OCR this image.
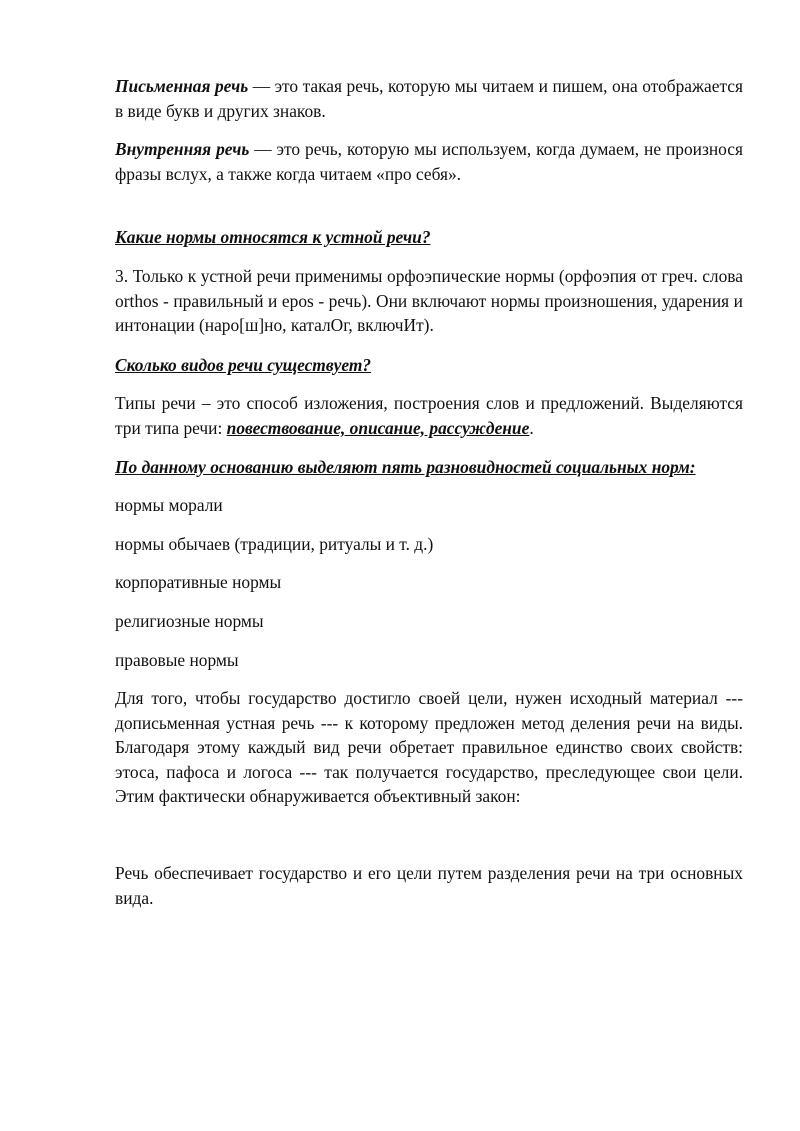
Письменная речь — это такая речь, которую мы читаем и пишем, она отображается в виде букв и других знаков.

Внутренняя речь — это речь, которую мы используем, когда думаем, не произнося фразы вслух, а также когда читаем «про себя».

Какие нормы относятся к устной речи?

3. Только к устной речи применимы орфоэпические нормы (орфоэпия от греч. слова orthos - правильный и epos - речь). Они включают нормы произношения, ударения и интонации (наро[ш]но, каталОг, включИт).

Сколько видов речи существует?

Типы речи – это способ изложения, построения слов и предложений. Выделяются три типа речи: повествование, описание, рассуждение.

По данному основанию выделяют пять разновидностей социальных норм:

нормы морали

нормы обычаев (традиции, ритуалы и т. д.)

корпоративные нормы

религиозные нормы

правовые нормы

Для того, чтобы государство достигло своей цели, нужен исходный материал --- дописьменная устная речь --- к которому предложен метод деления речи на виды. Благодаря этому каждый вид речи обретает правильное единство своих свойств: этоса, пафоса и логоса --- так получается государство, преследующее свои цели. Этим фактически обнаруживается объективный закон:

Речь обеспечивает государство и его цели путем разделения речи на три основных вида.
